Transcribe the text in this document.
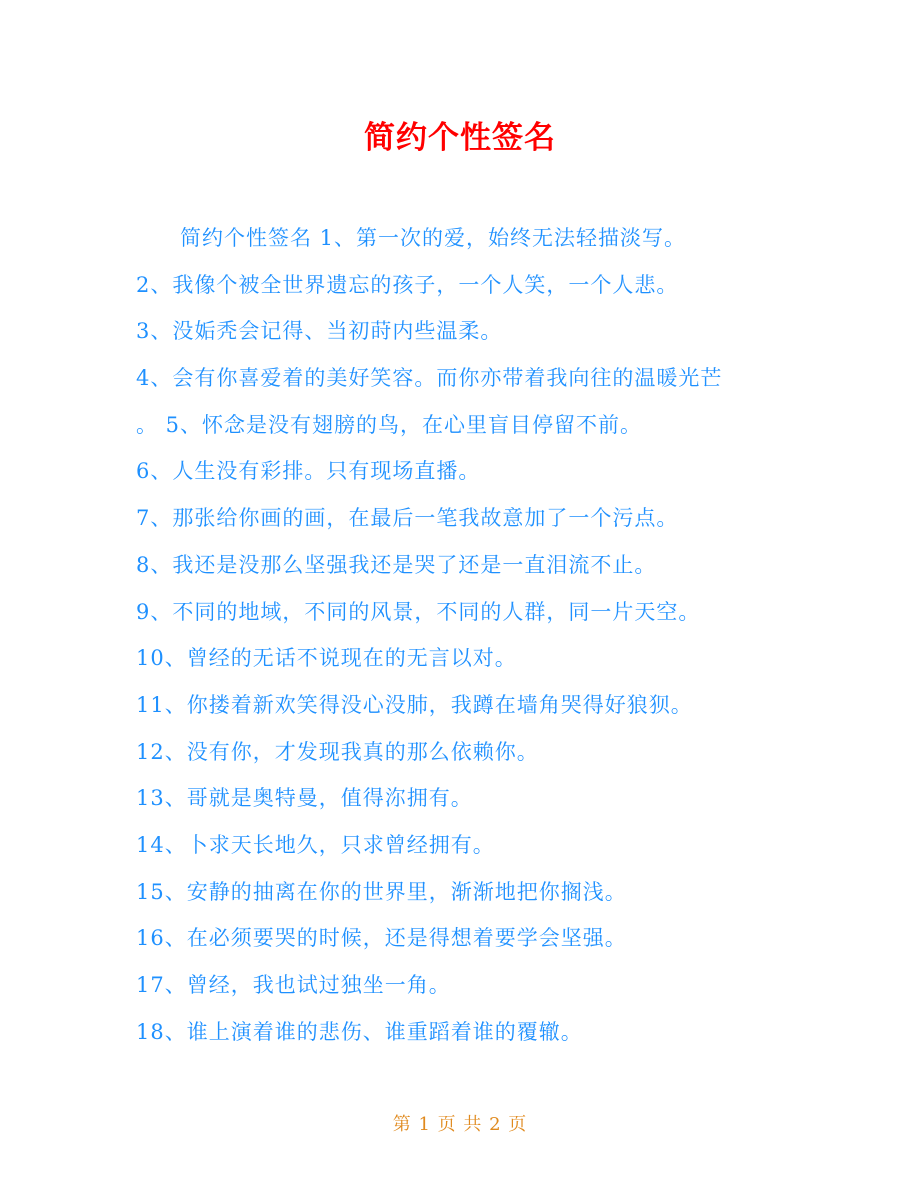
简约个性签名
简约个性签名 1、第一次的爱，始终无法轻描淡写。
2、我像个被全世界遗忘的孩子，一个人笑，一个人悲。
3、没姤秃会记得、当初莳内些温柔。
4、会有你喜爱着的美好笑容。而你亦带着我向往的温暖光芒
。 5、怀念是没有翅膀的鸟，在心里盲目停留不前。
6、人生没有彩排。只有现场直播。
7、那张给你画的画，在最后一笔我故意加了一个污点。
8、我还是没那么坚强我还是哭了还是一直泪流不止。
9、不同的地域，不同的风景，不同的人群，同一片天空。
10、曾经的无话不说现在的无言以对。
11、你搂着新欢笑得没心没肺，我蹲在墙角哭得好狼狈。
12、没有你，才发现我真的那么依赖你。
13、哥就是奥特曼，值得沵拥有。
14、卜求天长地久，只求曾经拥有。
15、安静的抽离在你的世界里，渐渐地把你搁浅。
16、在必须要哭的时候，还是得想着要学会坚强。
17、曾经，我也试过独坐一角。
18、谁上演着谁的悲伤、谁重蹈着谁的覆辙。
第 1 页 共 2 页
